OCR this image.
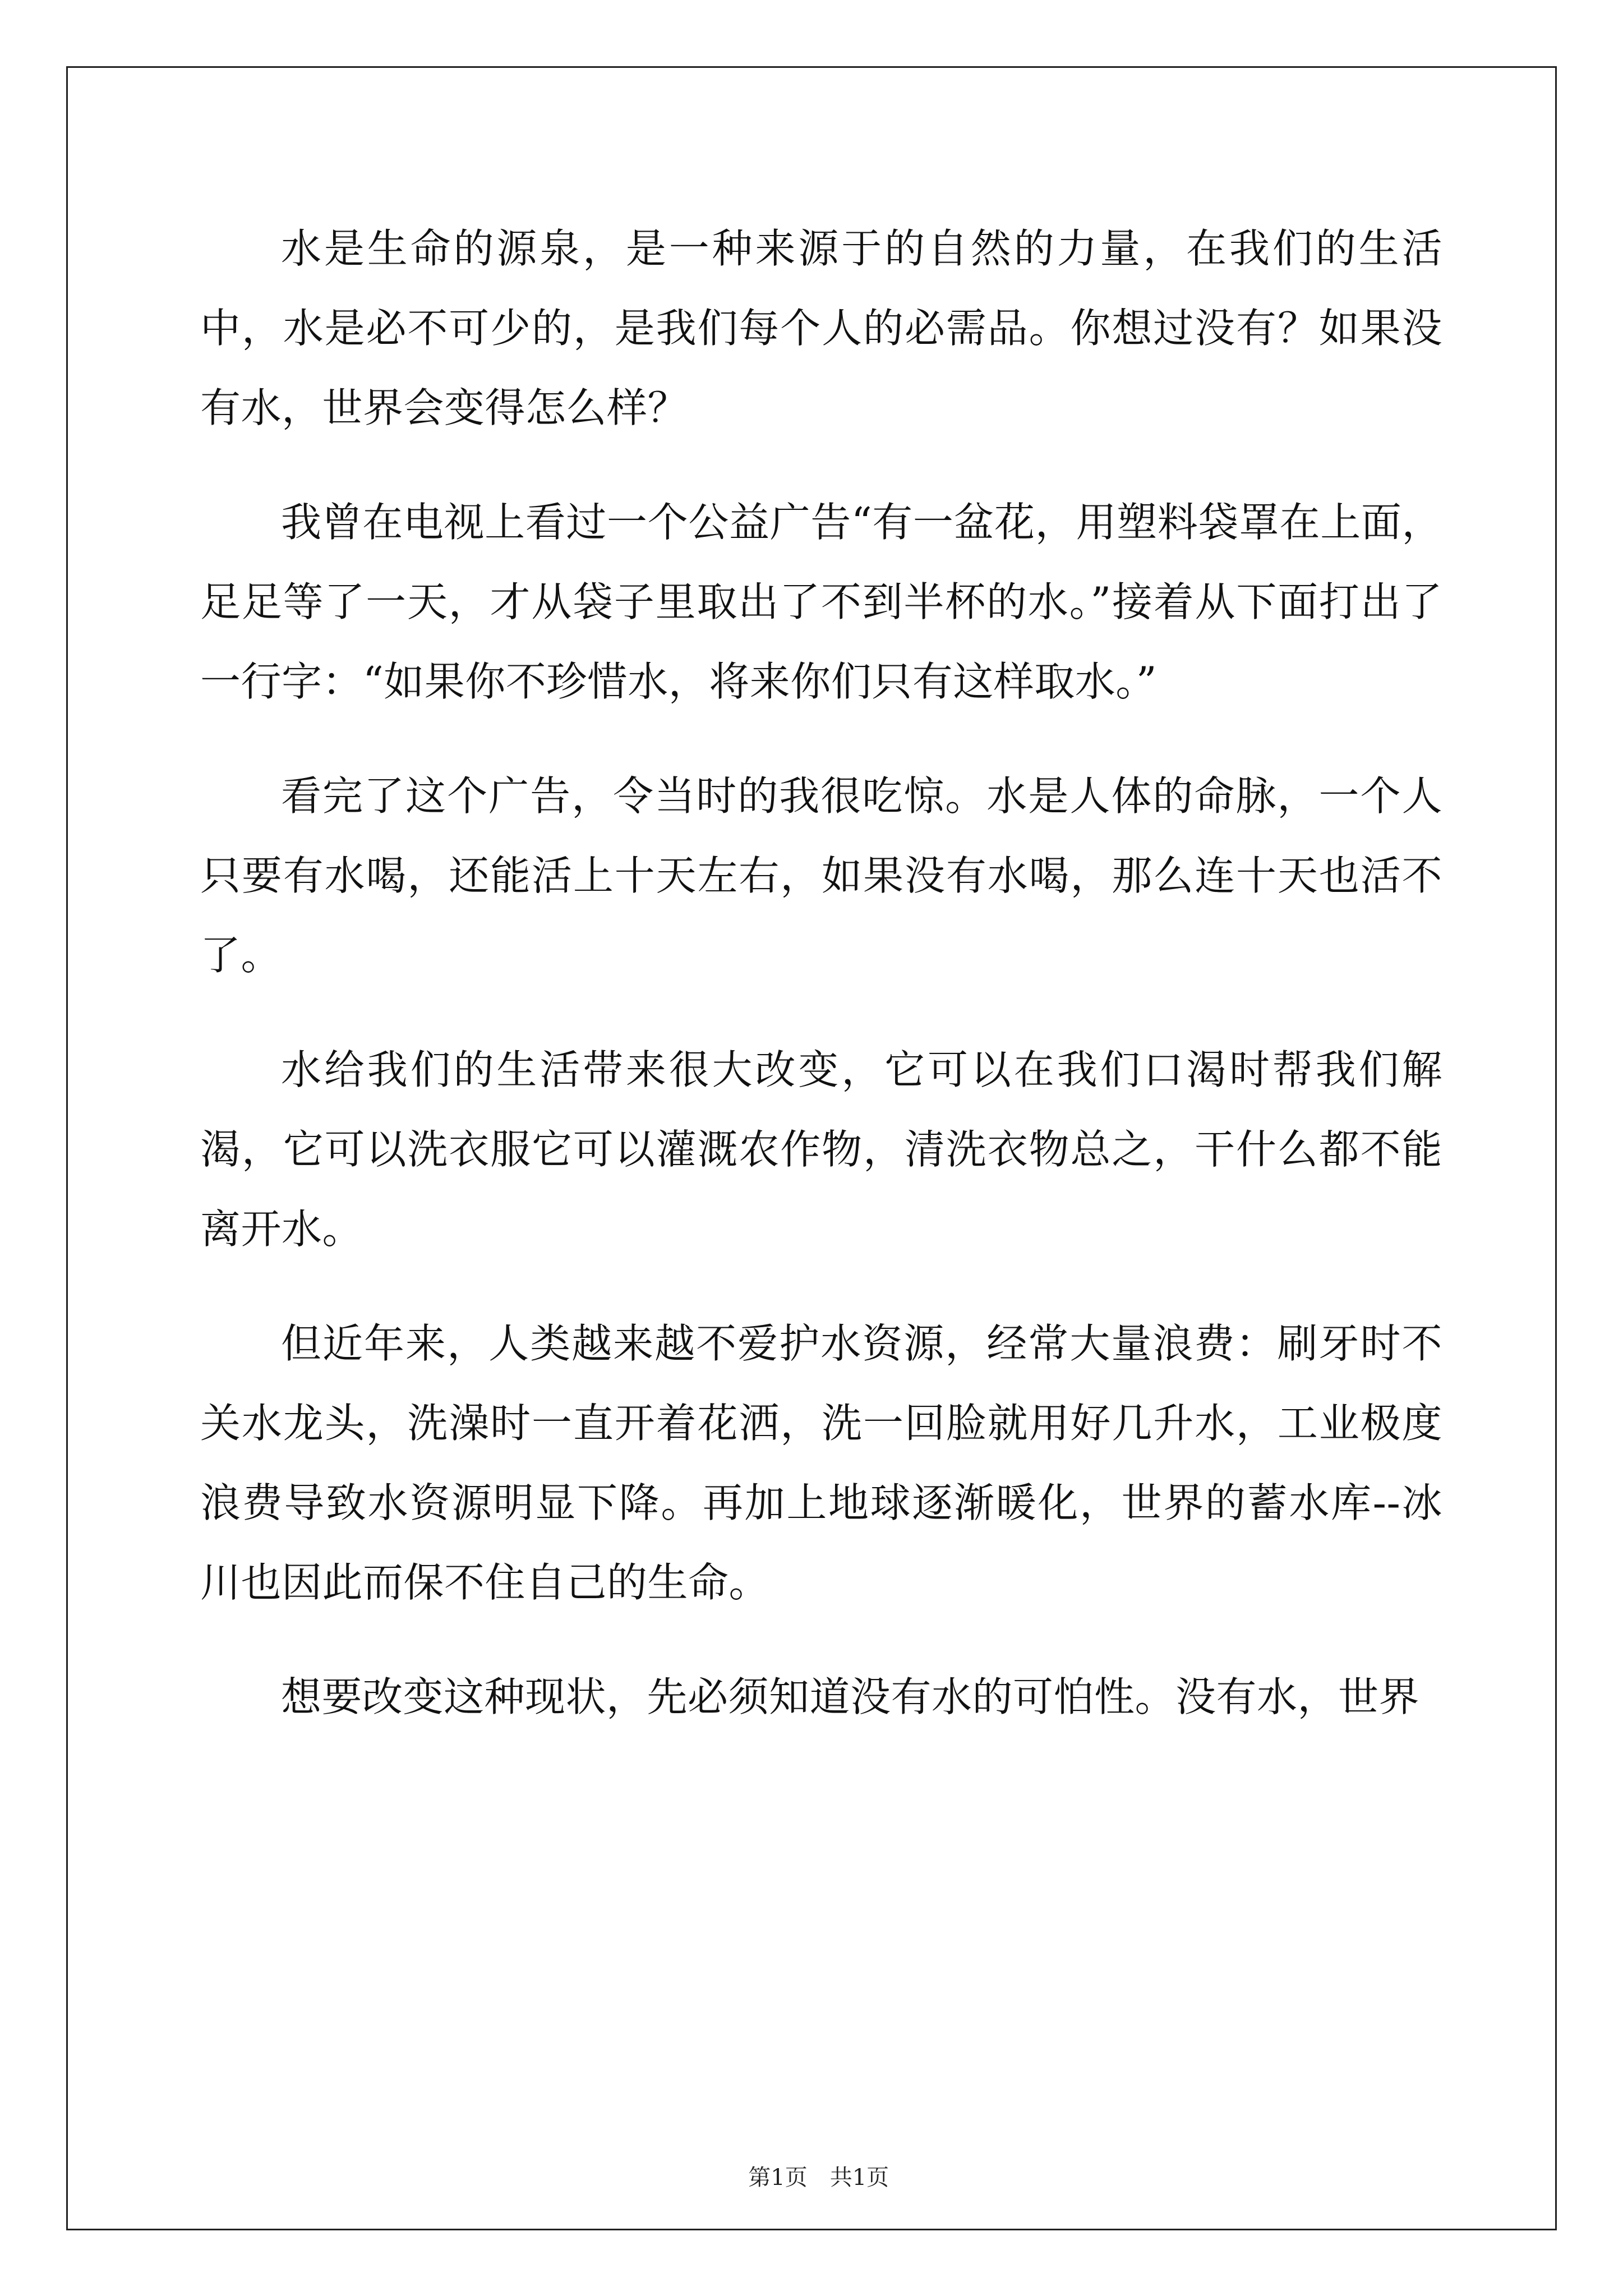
水是生命的源泉，是一种来源于的自然的力量，在我们的生活中，水是必不可少的，是我们每个人的必需品。你想过没有？如果没有水，世界会变得怎么样？

我曾在电视上看过一个公益广告“有一盆花，用塑料袋罩在上面，足足等了一天，才从袋子里取出了不到半杯的水。”接着从下面打出了一行字：“如果你不珍惜水，将来你们只有这样取水。”

看完了这个广告，令当时的我很吃惊。水是人体的命脉，一个人只要有水喝，还能活上十天左右，如果没有水喝，那么连十天也活不了。

水给我们的生活带来很大改变，它可以在我们口渴时帮我们解渴，它可以洗衣服它可以灌溉农作物，清洗衣物总之，干什么都不能离开水。

但近年来，人类越来越不爱护水资源，经常大量浪费：刷牙时不关水龙头，洗澡时一直开着花洒，洗一回脸就用好几升水，工业极度浪费导致水资源明显下降。再加上地球逐渐暖化，世界的蓄水库--冰川也因此而保不住自己的生命。

想要改变这种现状，先必须知道没有水的可怕性。没有水，世界

第1页 共1页
